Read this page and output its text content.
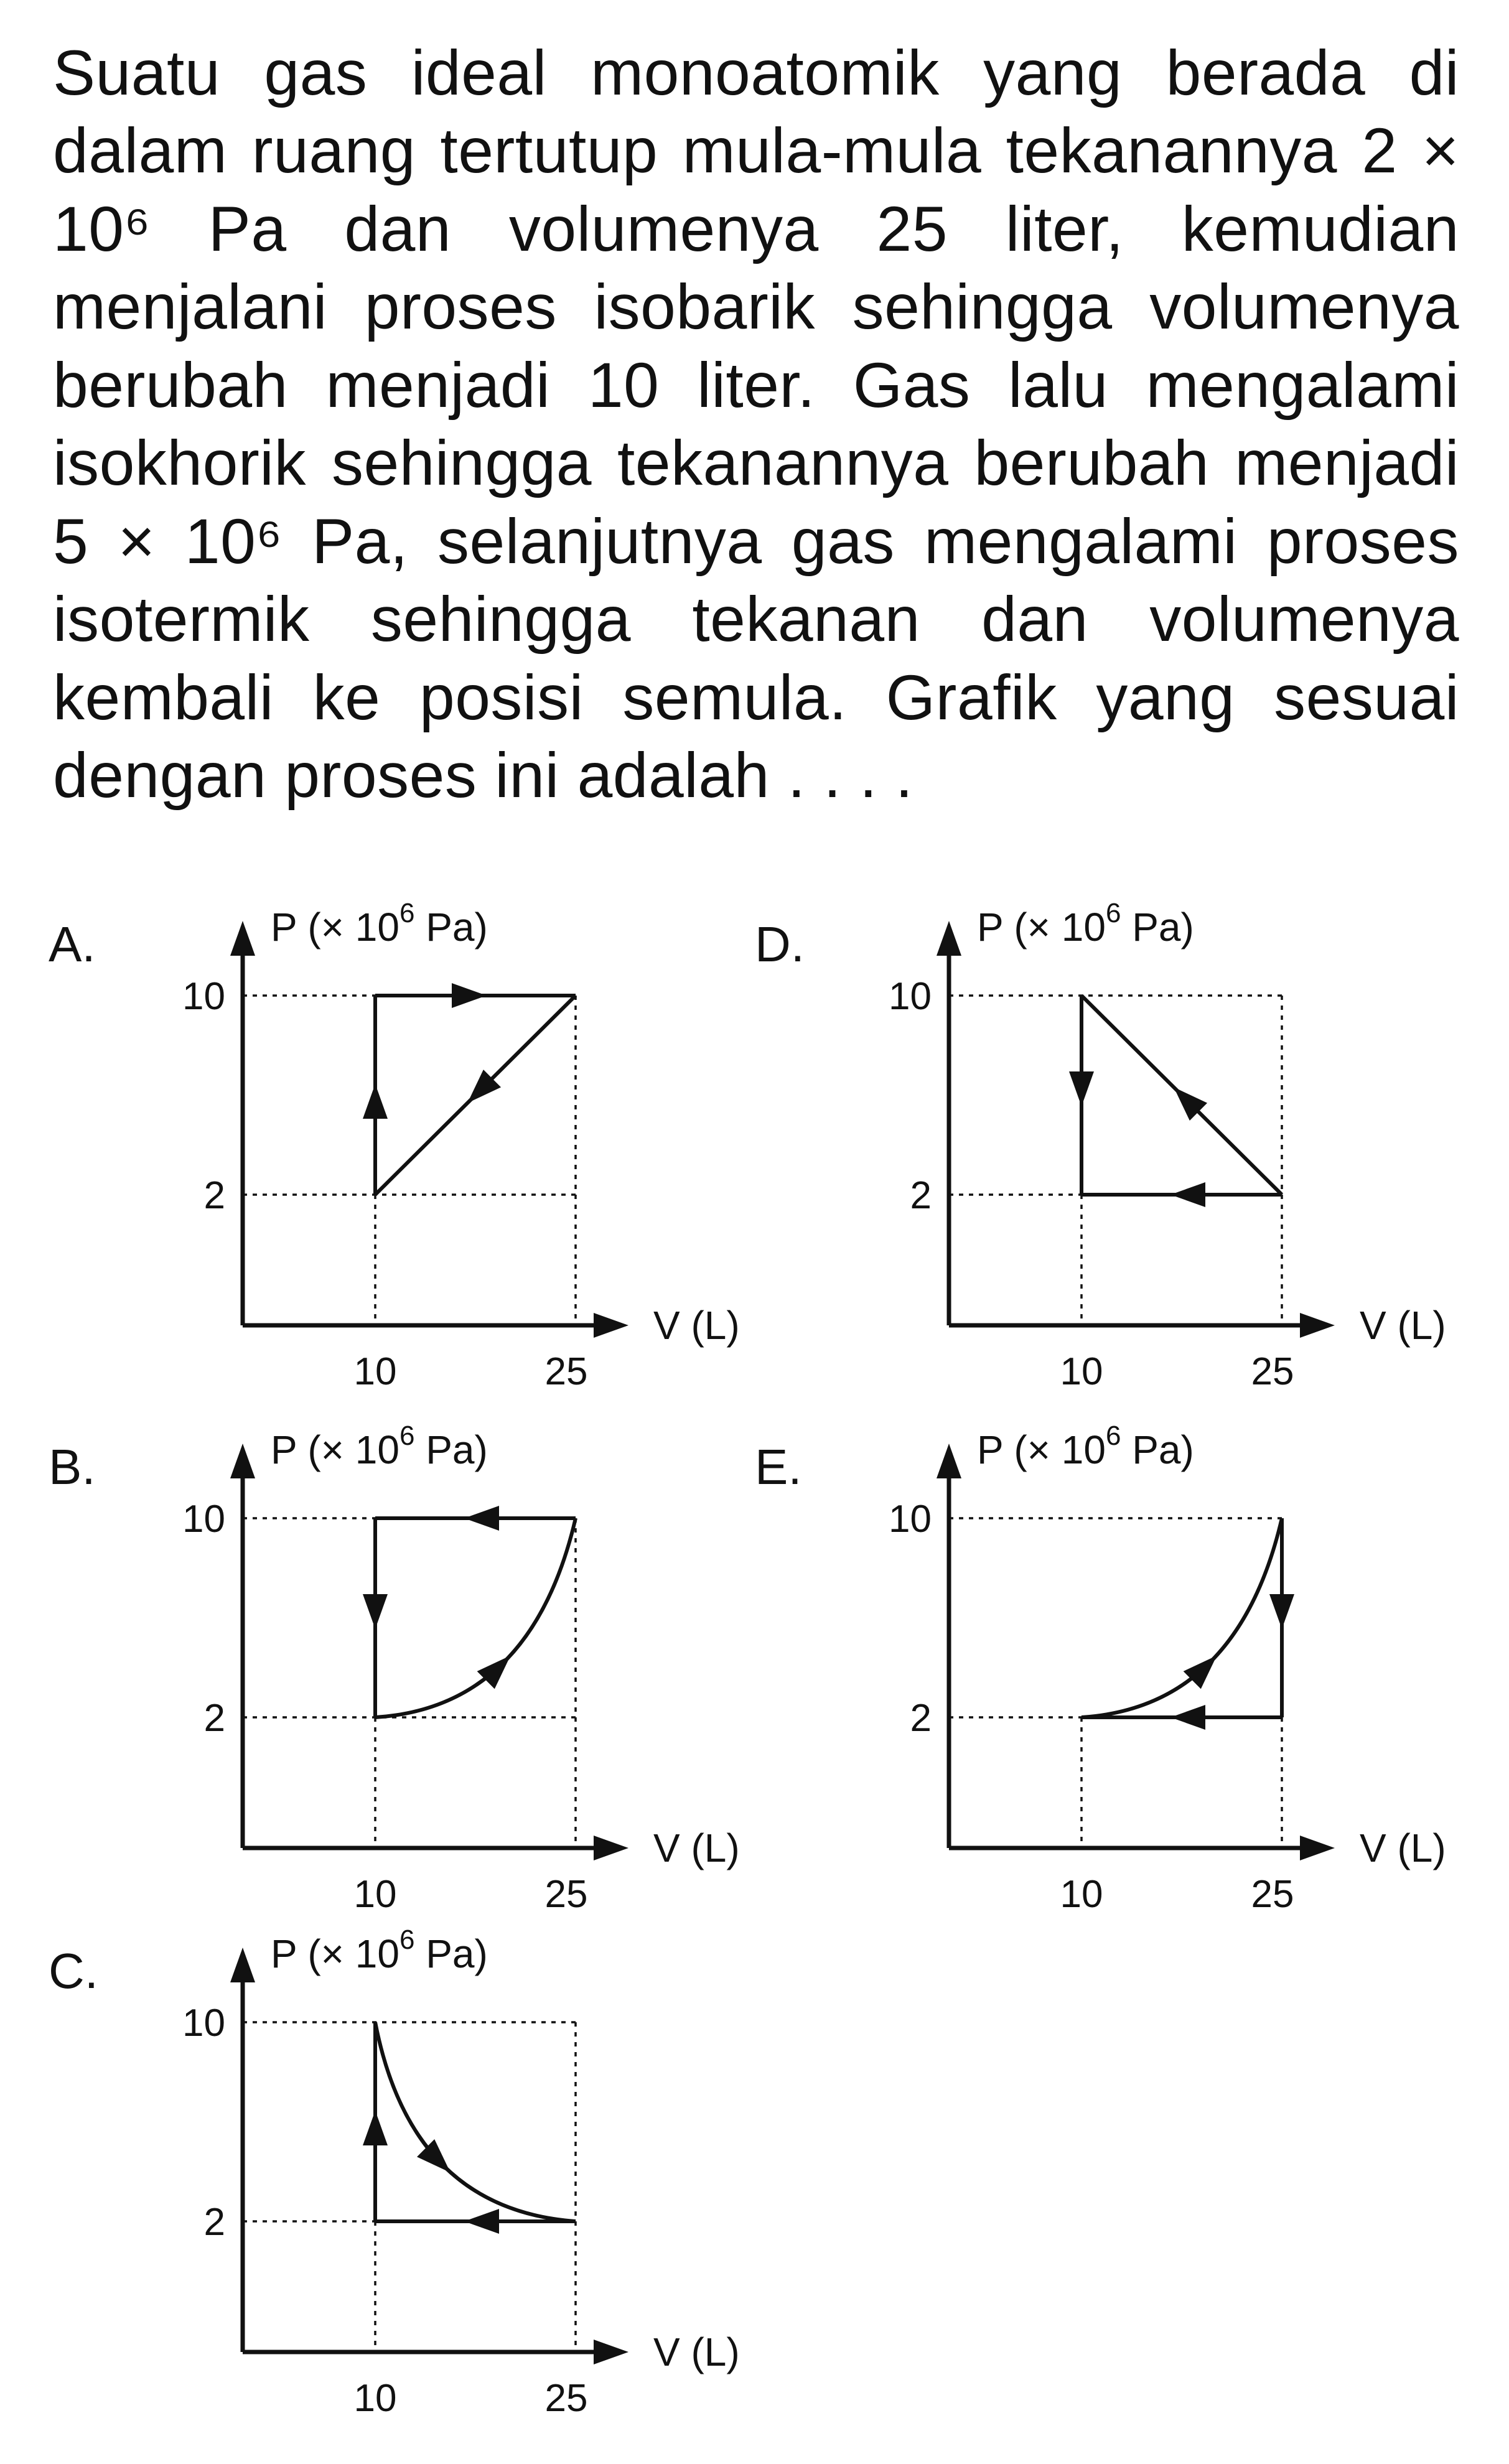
Suatu gas ideal monoatomik yang berada di dalam ruang tertutup mula-mula tekanannya 2 × 10⁶ Pa dan volumenya 25 liter, kemudian menjalani proses isobarik sehingga volumenya berubah menjadi 10 liter. Gas lalu mengalami isokhorik sehingga tekanannya berubah menjadi 5 × 10⁶ Pa, selanjutnya gas mengalami proses isotermik sehingga tekanan dan volumenya kembali ke posisi semula. Grafik yang sesuai dengan proses ini adalah . . . .
A.	P (× $10^6$ Pa)
V (L)
10
2
10	25
B.	P (× $10^6$ Pa)
V (L)
10
2
10	25
C.	P (× $10^6$ Pa)
V (L)
10
2
10	25
D.	P (× $10^6$ Pa)
V (L)
10
2
10	25
E.	P (× $10^6$ Pa)
V (L)
10
2
10	25
